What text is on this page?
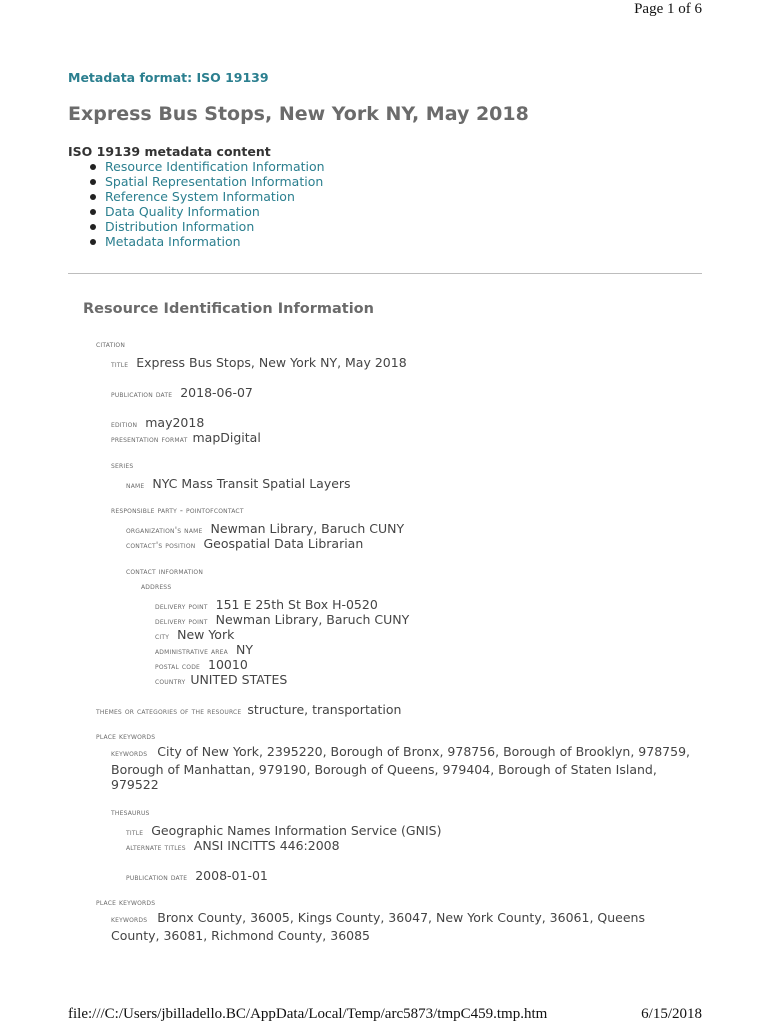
Page 1 of 6
Metadata format: ISO 19139
Express Bus Stops, New York NY, May 2018
ISO 19139 metadata content
Resource Identification Information
Spatial Representation Information
Reference System Information
Data Quality Information
Distribution Information
Metadata Information
Resource Identification Information
citation
title Express Bus Stops, New York NY, May 2018
publication date 2018-06-07
edition may2018
presentation format mapDigital
series
name NYC Mass Transit Spatial Layers
responsible party - pointofcontact
organization's name Newman Library, Baruch CUNY
contact's position Geospatial Data Librarian
contact information
address
delivery point 151 E 25th St Box H-0520
delivery point Newman Library, Baruch CUNY
city New York
administrative area NY
postal code 10010
country UNITED STATES
themes or categories of the resource structure, transportation
place keywords
keywords City of New York, 2395220, Borough of Bronx, 978756, Borough of Brooklyn, 978759, Borough of Manhattan, 979190, Borough of Queens, 979404, Borough of Staten Island, 979522
thesaurus
title Geographic Names Information Service (GNIS)
alternate titles ANSI INCITTS 446:2008
publication date 2008-01-01
place keywords
keywords Bronx County, 36005, Kings County, 36047, New York County, 36061, Queens County, 36081, Richmond County, 36085
file:///C:/Users/jbilladello.BC/AppData/Local/Temp/arc5873/tmpC459.tmp.htm	6/15/2018
